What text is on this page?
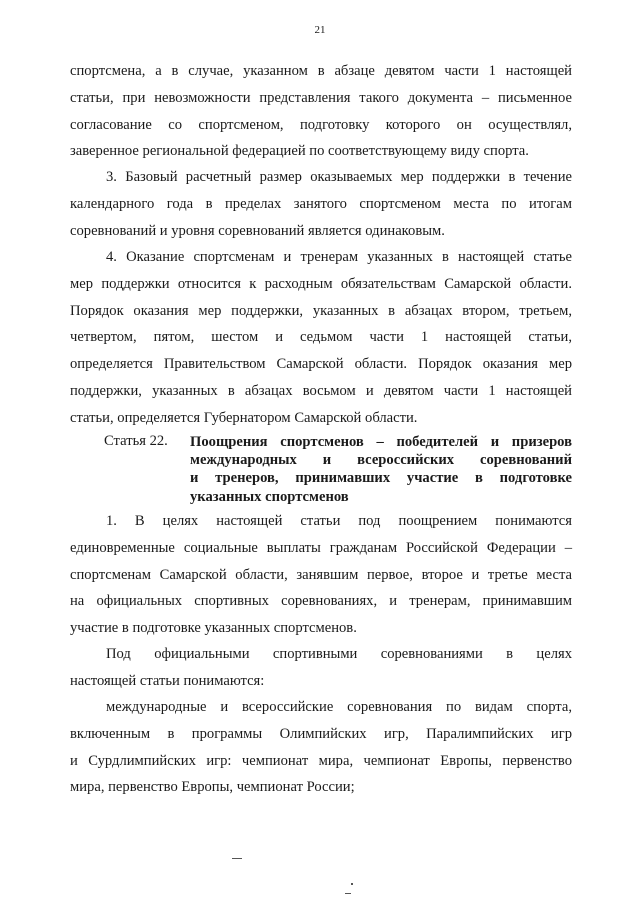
21
спортсмена, а в случае, указанном в абзаце девятом части 1 настоящей
статьи, при невозможности представления такого документа – письменное
согласование со спортсменом, подготовку которого он осуществлял,
заверенное региональной федерацией по соответствующему виду спорта.
3. Базовый расчетный размер оказываемых мер поддержки в течение
календарного года в пределах занятого спортсменом места по итогам
соревнований и уровня соревнований является одинаковым.
4. Оказание спортсменам и тренерам указанных в настоящей статье
мер поддержки относится к расходным обязательствам Самарской области.
Порядок оказания мер поддержки, указанных в абзацах втором, третьем,
четвертом, пятом, шестом и седьмом части 1 настоящей статьи,
определяется Правительством Самарской области. Порядок оказания мер
поддержки, указанных в абзацах восьмом и девятом части 1 настоящей
статьи, определяется Губернатором Самарской области.
Статья 22. Поощрения спортсменов – победителей и призеров
международных и всероссийских соревнований
и тренеров, принимавших участие в подготовке
указанных спортсменов
1. В целях настоящей статьи под поощрением понимаются
единовременные социальные выплаты гражданам Российской Федерации –
спортсменам Самарской области, занявшим первое, второе и третье места
на официальных спортивных соревнованиях, и тренерам, принимавшим
участие в подготовке указанных спортсменов.
Под официальными спортивными соревнованиями в целях
настоящей статьи понимаются:
международные и всероссийские соревнования по видам спорта,
включенным в программы Олимпийских игр, Паралимпийских игр
и Сурдлимпийских игр: чемпионат мира, чемпионат Европы, первенство
мира, первенство Европы, чемпионат России;
